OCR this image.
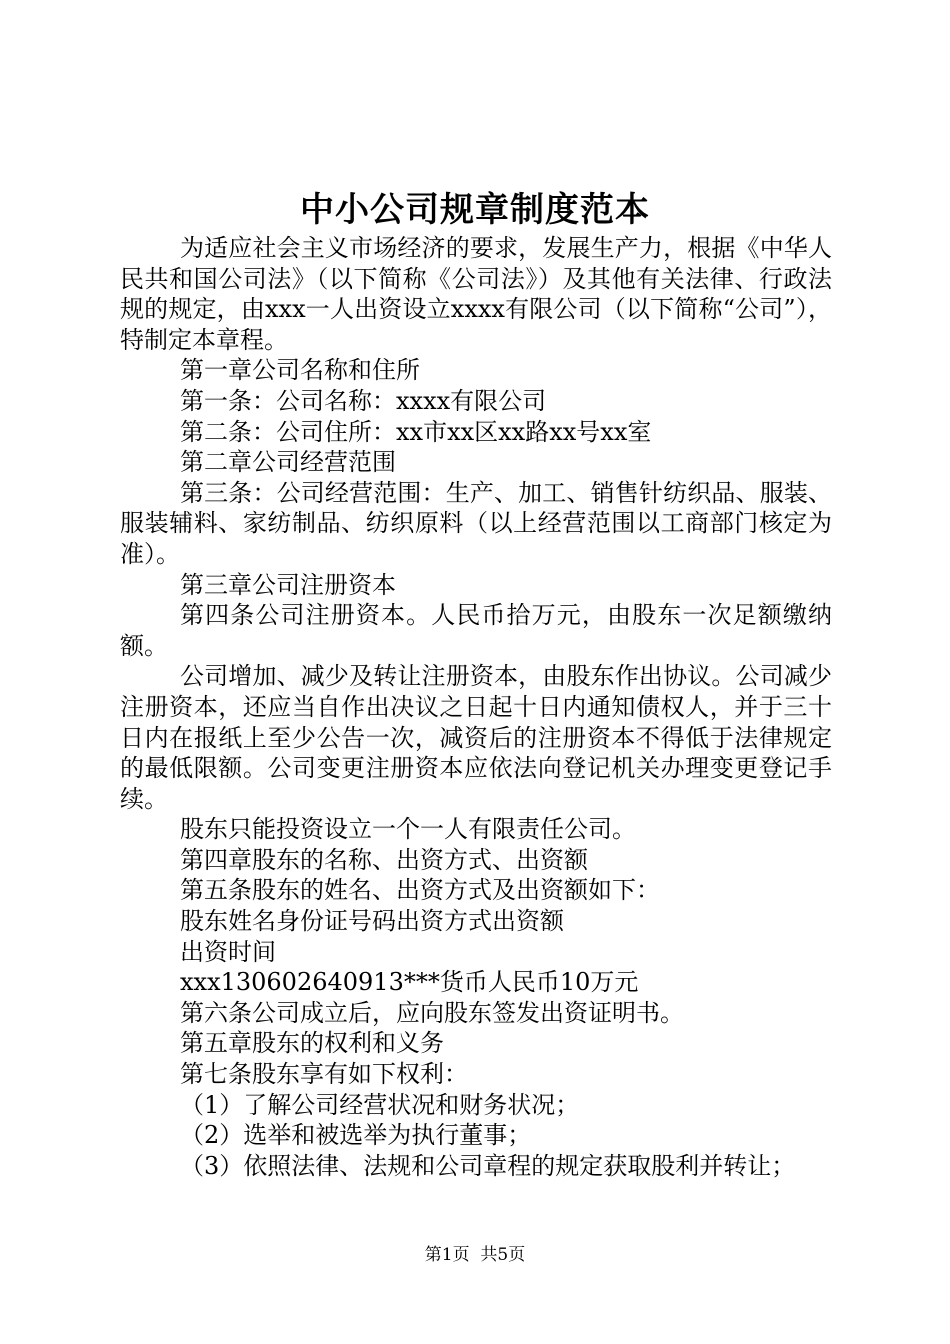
中小公司规章制度范本

为适应社会主义市场经济的要求，发展生产力，根据《中华人民共和国公司法》（以下简称《公司法》）及其他有关法律、行政法规的规定，由xxx一人出资设立xxxx有限公司（以下简称“公司”），特制定本章程。

第一章公司名称和住所

第一条：公司名称：xxxx有限公司

第二条：公司住所：xx市xx区xx路xx号xx室

第二章公司经营范围

第三条：公司经营范围：生产、加工、销售针纺织品、服装、服装辅料、家纺制品、纺织原料（以上经营范围以工商部门核定为准）。

第三章公司注册资本

第四条公司注册资本。人民币拾万元，由股东一次足额缴纳额。

公司增加、减少及转让注册资本，由股东作出协议。公司减少注册资本，还应当自作出决议之日起十日内通知债权人，并于三十日内在报纸上至少公告一次，减资后的注册资本不得低于法律规定的最低限额。公司变更注册资本应依法向登记机关办理变更登记手续。

股东只能投资设立一个一人有限责任公司。

第四章股东的名称、出资方式、出资额

第五条股东的姓名、出资方式及出资额如下：

股东姓名身份证号码出资方式出资额

出资时间

xxx130602640913***货币人民币10万元

第六条公司成立后，应向股东签发出资证明书。

第五章股东的权利和义务

第七条股东享有如下权利：

（1）了解公司经营状况和财务状况；

（2）选举和被选举为执行董事；

（3）依照法律、法规和公司章程的规定获取股利并转让；

第1页 共5页
